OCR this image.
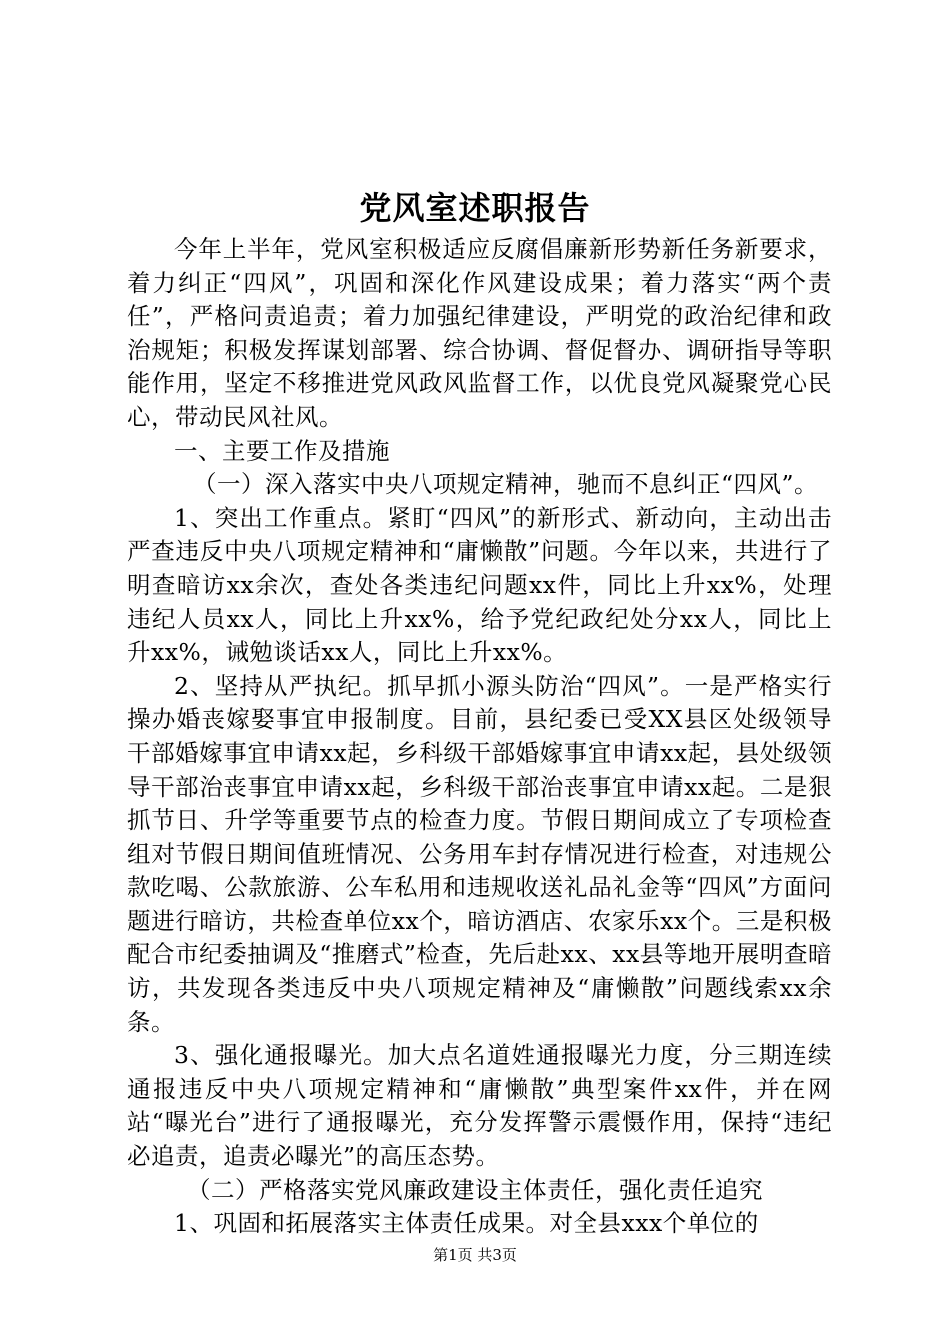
党风室述职报告

今年上半年，党风室积极适应反腐倡廉新形势新任务新要求，着力纠正“四风”，巩固和深化作风建设成果；着力落实“两个责任”，严格问责追责；着力加强纪律建设，严明党的政治纪律和政治规矩；积极发挥谋划部署、综合协调、督促督办、调研指导等职能作用，坚定不移推进党风政风监督工作，以优良党风凝聚党心民心，带动民风社风。

一、主要工作及措施

（一）深入落实中央八项规定精神，驰而不息纠正“四风”。

1、突出工作重点。紧盯“四风”的新形式、新动向，主动出击严查违反中央八项规定精神和“庸懒散”问题。今年以来，共进行了明查暗访xx余次，查处各类违纪问题xx件，同比上升xx%，处理违纪人员xx人，同比上升xx%，给予党纪政纪处分xx人，同比上升xx%，诫勉谈话xx人，同比上升xx%。

2、坚持从严执纪。抓早抓小源头防治“四风”。一是严格实行操办婚丧嫁娶事宜申报制度。目前，县纪委已受XX县区处级领导干部婚嫁事宜申请xx起，乡科级干部婚嫁事宜申请xx起，县处级领导干部治丧事宜申请xx起，乡科级干部治丧事宜申请xx起。二是狠抓节日、升学等重要节点的检查力度。节假日期间成立了专项检查组对节假日期间值班情况、公务用车封存情况进行检查，对违规公款吃喝、公款旅游、公车私用和违规收送礼品礼金等“四风”方面问题进行暗访，共检查单位xx个，暗访酒店、农家乐xx个。三是积极配合市纪委抽调及“推磨式”检查，先后赴xx、xx县等地开展明查暗访，共发现各类违反中央八项规定精神及“庸懒散”问题线索xx余条。

3、强化通报曝光。加大点名道姓通报曝光力度，分三期连续通报违反中央八项规定精神和“庸懒散”典型案件xx件，并在网站“曝光台”进行了通报曝光，充分发挥警示震慑作用，保持“违纪必追责，追责必曝光”的高压态势。

（二）严格落实党风廉政建设主体责任，强化责任追究

1、巩固和拓展落实主体责任成果。对全县xxx个单位的

第1页 共3页
